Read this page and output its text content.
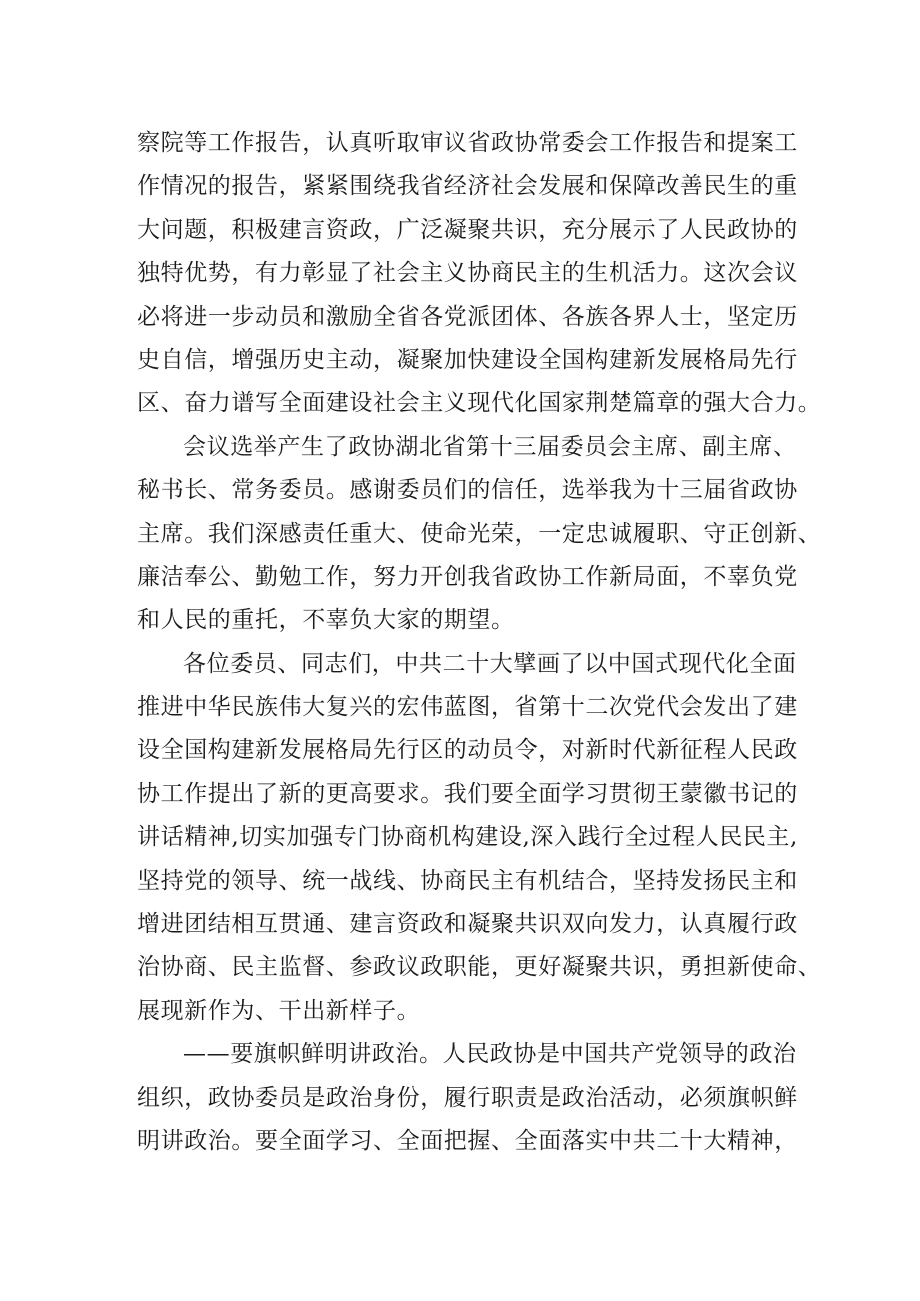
察院等工作报告，认真听取审议省政协常委会工作报告和提案工
作情况的报告，紧紧围绕我省经济社会发展和保障改善民生的重
大问题，积极建言资政，广泛凝聚共识，充分展示了人民政协的
独特优势，有力彰显了社会主义协商民主的生机活力。这次会议
必将进一步动员和激励全省各党派团体、各族各界人士，坚定历
史自信，增强历史主动，凝聚加快建设全国构建新发展格局先行
区、奋力谱写全面建设社会主义现代化国家荆楚篇章的强大合力。
会议选举产生了政协湖北省第十三届委员会主席、副主席、
秘书长、常务委员。感谢委员们的信任，选举我为十三届省政协
主席。我们深感责任重大、使命光荣，一定忠诚履职、守正创新、
廉洁奉公、勤勉工作，努力开创我省政协工作新局面，不辜负党
和人民的重托，不辜负大家的期望。
各位委员、同志们，中共二十大擘画了以中国式现代化全面
推进中华民族伟大复兴的宏伟蓝图，省第十二次党代会发出了建
设全国构建新发展格局先行区的动员令，对新时代新征程人民政
协工作提出了新的更高要求。我们要全面学习贯彻王蒙徽书记的
讲话精神,切实加强专门协商机构建设,深入践行全过程人民民主,
坚持党的领导、统一战线、协商民主有机结合，坚持发扬民主和
增进团结相互贯通、建言资政和凝聚共识双向发力，认真履行政
治协商、民主监督、参政议政职能，更好凝聚共识，勇担新使命、
展现新作为、干出新样子。
——要旗帜鲜明讲政治。人民政协是中国共产党领导的政治
组织，政协委员是政治身份，履行职责是政治活动，必须旗帜鲜
明讲政治。要全面学习、全面把握、全面落实中共二十大精神，
